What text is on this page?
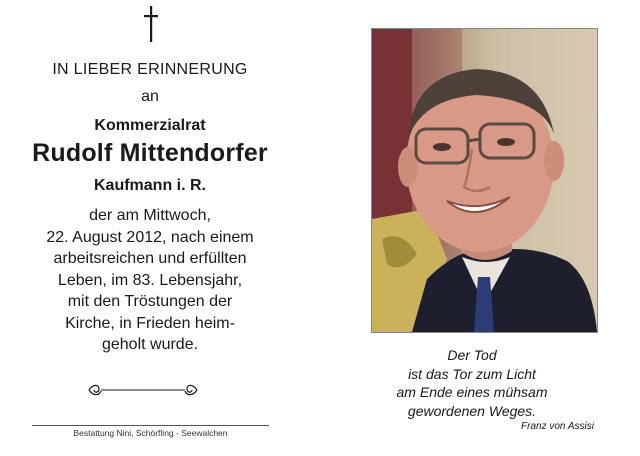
IN LIEBER ERINNERUNG
an
Kommerzialrat
Rudolf Mittendorfer
Kaufmann i. R.
der am Mittwoch,
22. August 2012, nach einem
arbeitsreichen und erfüllten
Leben, im 83. Lebensjahr,
mit den Tröstungen der
Kirche, in Frieden heim-
geholt wurde.
Bestattung Nini, Schörfling - Seewalchen
Der Tod
ist das Tor zum Licht
am Ende eines mühsam
gewordenen Weges.
Franz von Assisi
